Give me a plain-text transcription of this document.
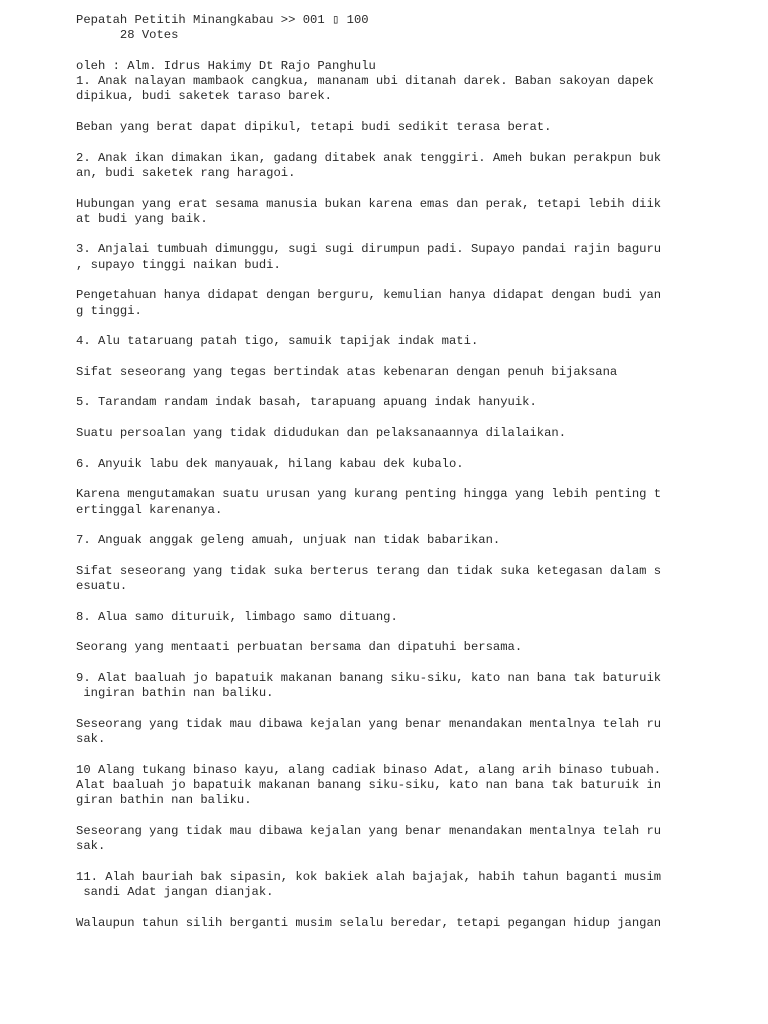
Pepatah Petitih Minangkabau >> 001 ▯ 100
28 Votes
oleh : Alm. Idrus Hakimy Dt Rajo Panghulu
1. Anak nalayan mambaok cangkua, mananam ubi ditanah darek. Baban sakoyan dapek
dipikua, budi saketek taraso barek.
Beban yang berat dapat dipikul, tetapi budi sedikit terasa berat.
2. Anak ikan dimakan ikan, gadang ditabek anak tenggiri. Ameh bukan perakpun buk
an, budi saketek rang haragoi.
Hubungan yang erat sesama manusia bukan karena emas dan perak, tetapi lebih diik
at budi yang baik.
3. Anjalai tumbuah dimunggu, sugi sugi dirumpun padi. Supayo pandai rajin baguru
, supayo tinggi naikan budi.
Pengetahuan hanya didapat dengan berguru, kemulian hanya didapat dengan budi yan
g tinggi.
4. Alu tataruang patah tigo, samuik tapijak indak mati.
Sifat seseorang yang tegas bertindak atas kebenaran dengan penuh bijaksana
5. Tarandam randam indak basah, tarapuang apuang indak hanyuik.
Suatu persoalan yang tidak didudukan dan pelaksanaannya dilalaikan.
6. Anyuik labu dek manyauak, hilang kabau dek kubalo.
Karena mengutamakan suatu urusan yang kurang penting hingga yang lebih penting t
ertinggal karenanya.
7. Anguak anggak geleng amuah, unjuak nan tidak babarikan.
Sifat seseorang yang tidak suka berterus terang dan tidak suka ketegasan dalam s
esuatu.
8. Alua samo dituruik, limbago samo dituang.
Seorang yang mentaati perbuatan bersama dan dipatuhi bersama.
9. Alat baaluah jo bapatuik makanan banang siku-siku, kato nan bana tak baturuik
ingiran bathin nan baliku.
Seseorang yang tidak mau dibawa kejalan yang benar menandakan mentalnya telah ru
sak.
10 Alang tukang binaso kayu, alang cadiak binaso Adat, alang arih binaso tubuah.
Alat baaluah jo bapatuik makanan banang siku-siku, kato nan bana tak baturuik in
giran bathin nan baliku.
Seseorang yang tidak mau dibawa kejalan yang benar menandakan mentalnya telah ru
sak.
11. Alah bauriah bak sipasin, kok bakiek alah bajajak, habih tahun baganti musim
sandi Adat jangan dianjak.
Walaupun tahun silih berganti musim selalu beredar, tetapi pegangan hidup jangan
